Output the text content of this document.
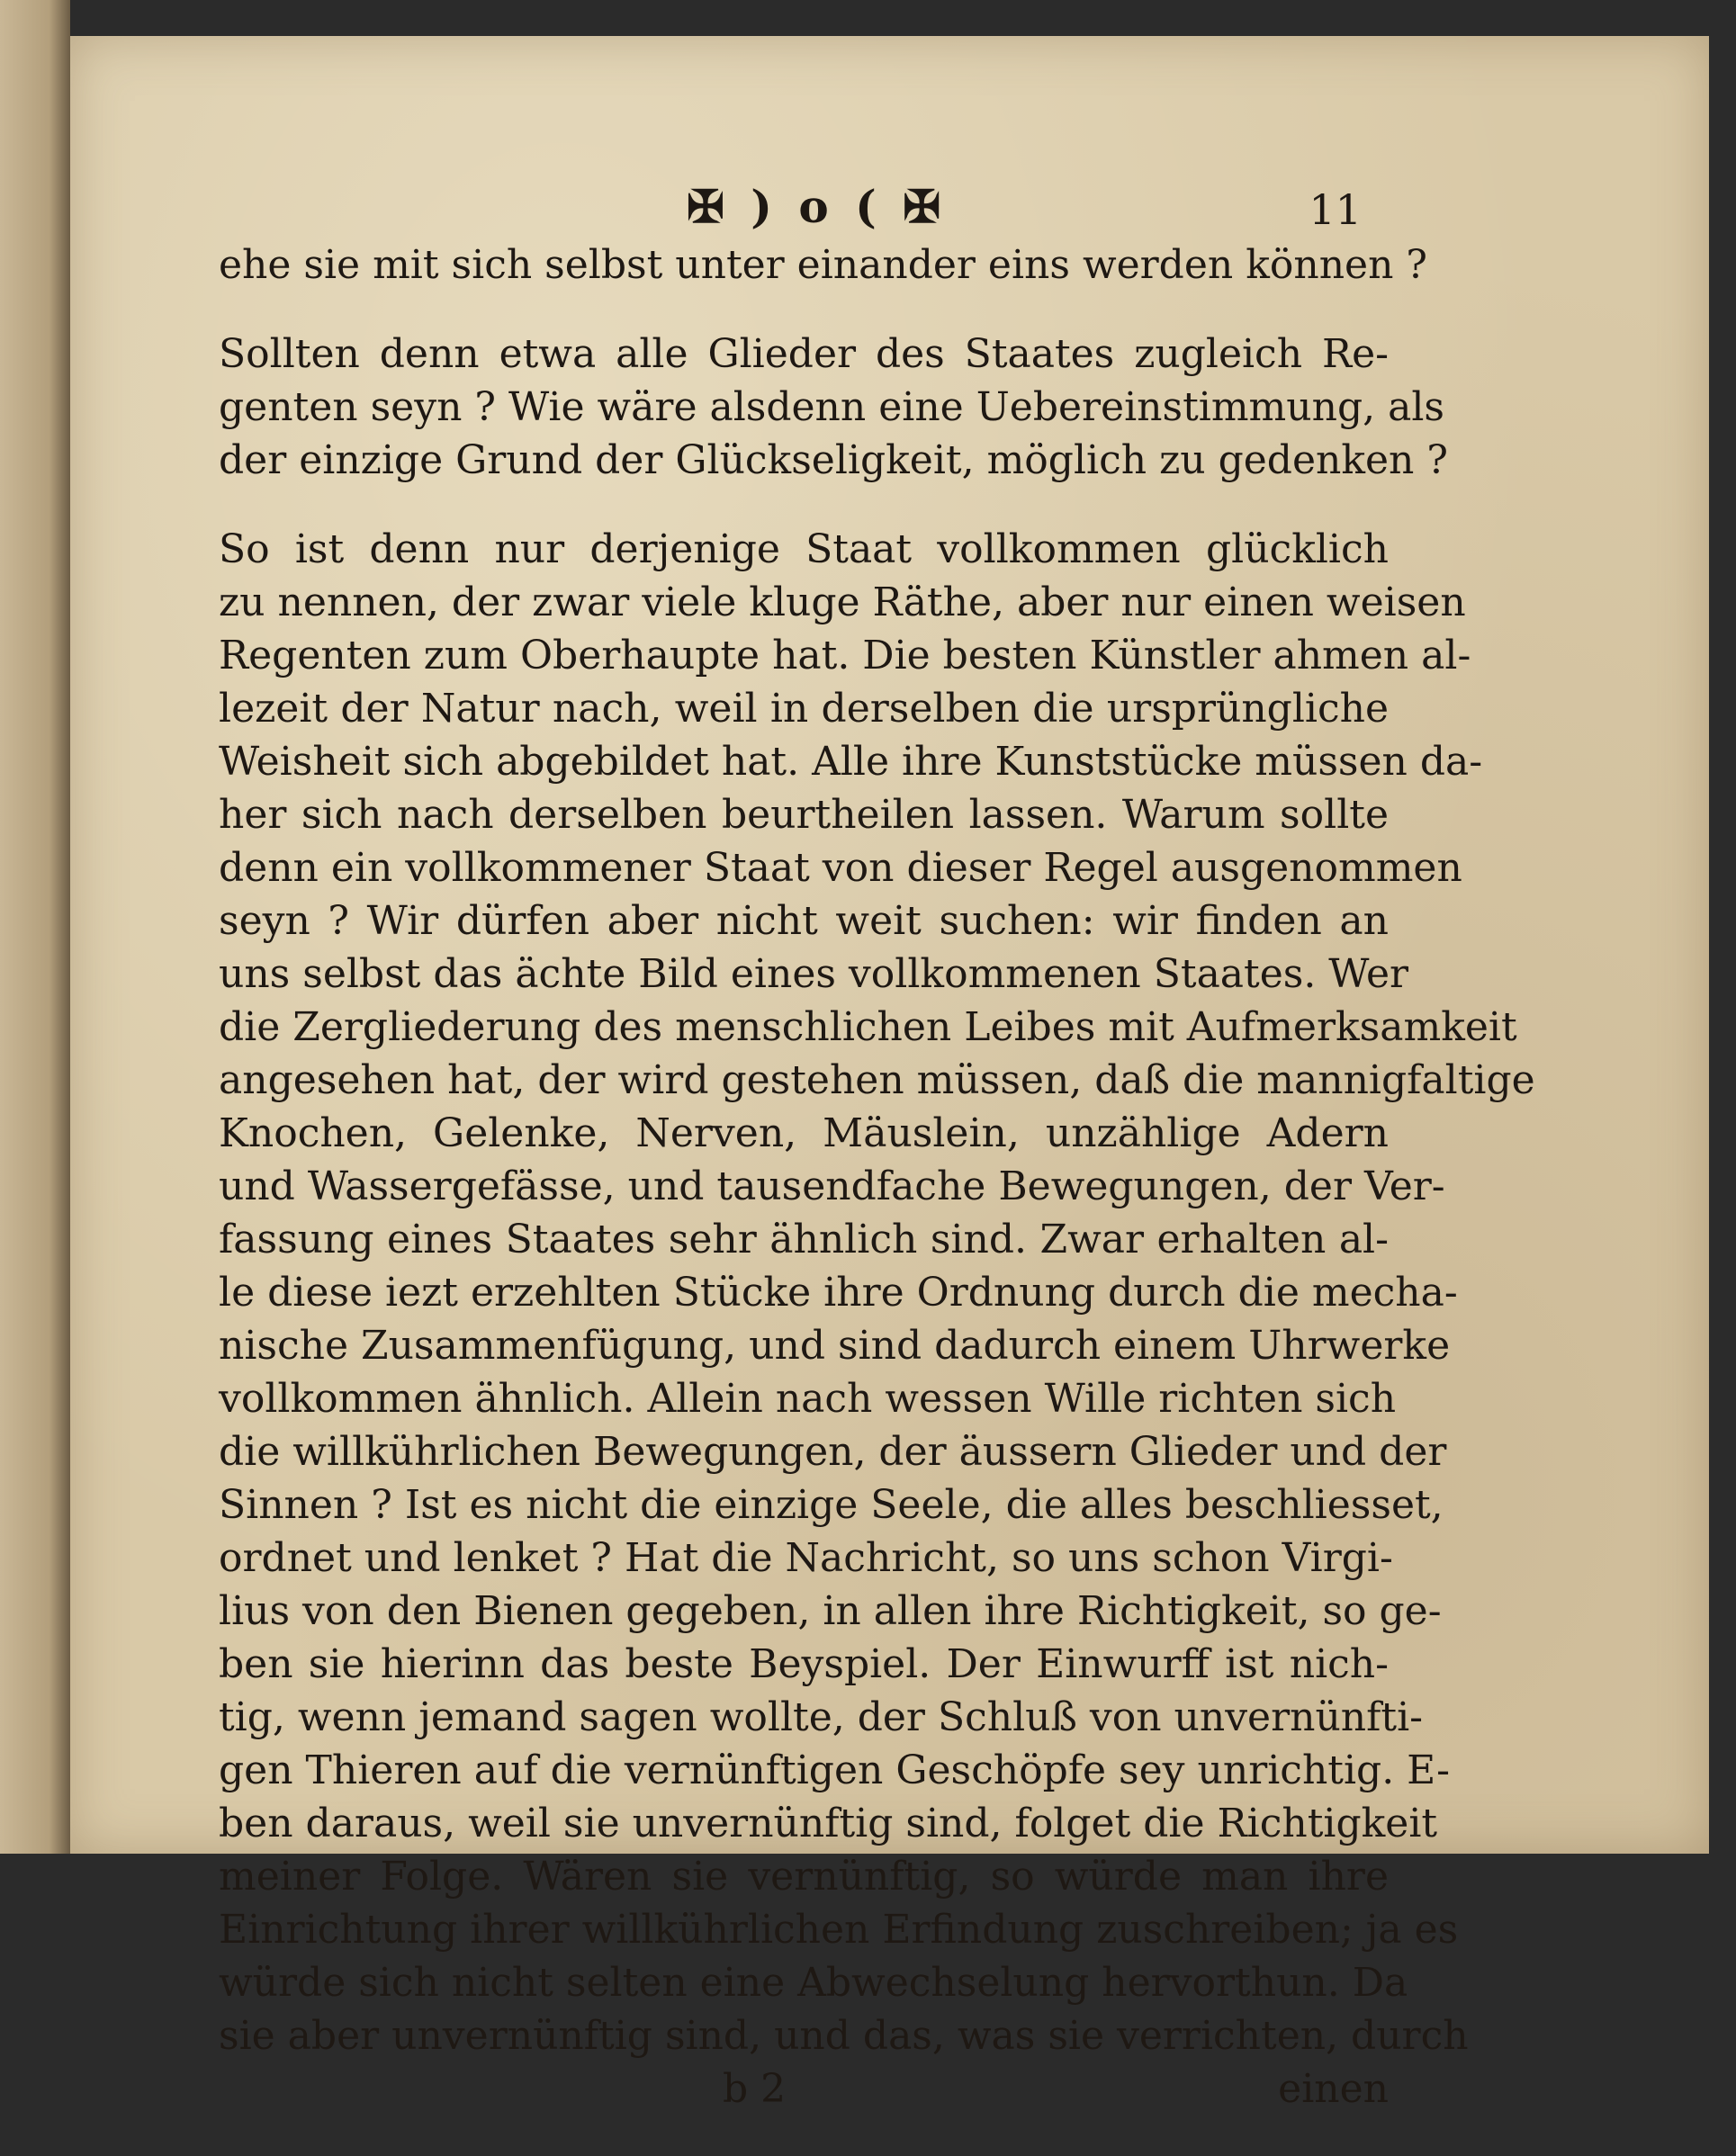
✠ ) o ( ✠	11
ehe sie mit sich selbst unter einander eins werden können ?
Sollten denn etwa alle Glieder des Staates zugleich Re-
genten seyn ? Wie wäre alsdenn eine Uebereinstimmung, als
der einzige Grund der Glückseligkeit, möglich zu gedenken ?
So ist denn nur derjenige Staat vollkommen glücklich
zu nennen, der zwar viele kluge Räthe, aber nur einen weisen
Regenten zum Oberhaupte hat. Die besten Künstler ahmen al-
lezeit der Natur nach, weil in derselben die ursprüngliche
Weisheit sich abgebildet hat. Alle ihre Kunststücke müssen da-
her sich nach derselben beurtheilen lassen. Warum sollte
denn ein vollkommener Staat von dieser Regel ausgenommen
seyn ? Wir dürfen aber nicht weit suchen: wir finden an
uns selbst das ächte Bild eines vollkommenen Staates. Wer
die Zergliederung des menschlichen Leibes mit Aufmerksamkeit
angesehen hat, der wird gestehen müssen, daß die mannigfaltige
Knochen, Gelenke, Nerven, Mäuslein, unzählige Adern
und Wassergefässe, und tausendfache Bewegungen, der Ver-
fassung eines Staates sehr ähnlich sind. Zwar erhalten al-
le diese iezt erzehlten Stücke ihre Ordnung durch die mecha-
nische Zusammenfügung, und sind dadurch einem Uhrwerke
vollkommen ähnlich. Allein nach wessen Wille richten sich
die willkührlichen Bewegungen, der äussern Glieder und der
Sinnen ? Ist es nicht die einzige Seele, die alles beschliesset,
ordnet und lenket ? Hat die Nachricht, so uns schon Virgi-
lius von den Bienen gegeben, in allen ihre Richtigkeit, so ge-
ben sie hierinn das beste Beyspiel. Der Einwurff ist nich-
tig, wenn jemand sagen wollte, der Schluß von unvernünfti-
gen Thieren auf die vernünftigen Geschöpfe sey unrichtig. E-
ben daraus, weil sie unvernünftig sind, folget die Richtigkeit
meiner Folge. Wären sie vernünftig, so würde man ihre
Einrichtung ihrer willkührlichen Erfindung zuschreiben; ja es
würde sich nicht selten eine Abwechselung hervorthun. Da
sie aber unvernünftig sind, und das, was sie verrichten, durch
b 2	einen
